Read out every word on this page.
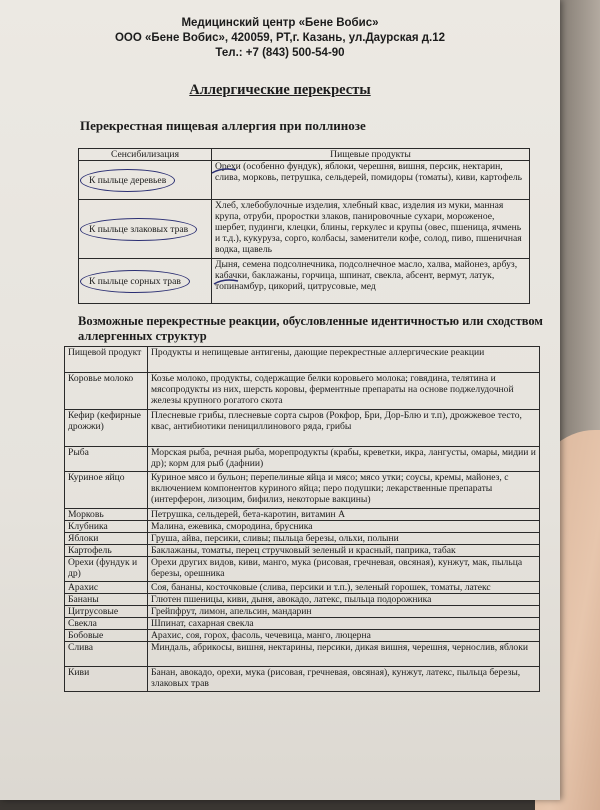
Медицинский центр «Бене Вобис»
ООО «Бене Вобис», 420059, РТ,г. Казань, ул.Даурская д.12
Тел.: +7 (843) 500-54-90
Аллергические перекресты
Перекрестная пищевая аллергия при поллинозе
Сенсибилизация	Пищевые продукты
К пыльце деревьев	Орехи (особенно фундук), яблоки, черешня, вишня, персик, нектарин, слива, морковь, петрушка, сельдерей, помидоры (томаты), киви, картофель
К пыльце злаковых трав	Хлеб, хлебобулочные изделия, хлебный квас, изделия из муки, манная крупа, отруби, проростки злаков, панировочные сухари, мороженое, шербет, пудинги, клецки, блины, геркулес и крупы (овес, пшеница, ячмень и т.д.), кукуруза, сорго, колбасы, заменители кофе, солод, пиво, пшеничная водка, щавель
К пыльце сорных трав	Дыня, семена подсолнечника, подсолнечное масло, халва, майонез, арбуз, кабачки, баклажаны, горчица, шпинат, свекла, абсент, вермут, латук, топинамбур, цикорий, цитрусовые, мед
Возможные перекрестные реакции, обусловленные идентичностью или сходством аллергенных структур
Пищевой продукт	Продукты и непищевые антигены, дающие перекрестные аллергические реакции
Коровье молоко	Козье молоко, продукты, содержащие белки коровьего молока; говядина, телятина и мясопродукты из них, шерсть коровы, ферментные препараты на основе поджелудочной железы крупного рогатого скота
Кефир (кефирные дрожжи)	Плесневые грибы, плесневые сорта сыров (Рокфор, Бри, Дор-Блю и т.п), дрожжевое тесто, квас, антибиотики пенициллинового ряда, грибы
Рыба	Морская рыба, речная рыба, морепродукты (крабы, креветки, икра, лангусты, омары, мидии и др); корм для рыб (дафнии)
Куриное яйцо	Куриное мясо и бульон; перепелиные яйца и мясо; мясо утки; соусы, кремы, майонез, с включением компонентов куриного яйца; перо подушки; лекарственные препараты (интерферон, лизоцим, бифилиз, некоторые вакцины)
Морковь	Петрушка, сельдерей, бета-каротин, витамин А
Клубника	Малина, ежевика, смородина, брусника
Яблоки	Груша, айва, персики, сливы; пыльца березы, ольхи, полыни
Картофель	Баклажаны, томаты, перец стручковый зеленый и красный, паприка, табак
Орехи (фундук и др)	Орехи других видов, киви, манго, мука (рисовая, гречневая, овсяная), кунжут, мак, пыльца березы, орешника
Арахис	Соя, бананы, косточковые (слива, персики и т.п.), зеленый горошек, томаты, латекс
Бананы	Глютен пшеницы, киви, дыня, авокадо, латекс, пыльца подорожника
Цитрусовые	Грейпфрут, лимон, апельсин, мандарин
Свекла	Шпинат, сахарная свекла
Бобовые	Арахис, соя, горох, фасоль, чечевица, манго, люцерна
Слива	Миндаль, абрикосы, вишня, нектарины, персики, дикая вишня, черешня, чернослив, яблоки
Киви	Банан, авокадо, орехи, мука (рисовая, гречневая, овсяная), кунжут, латекс, пыльца березы, злаковых трав
